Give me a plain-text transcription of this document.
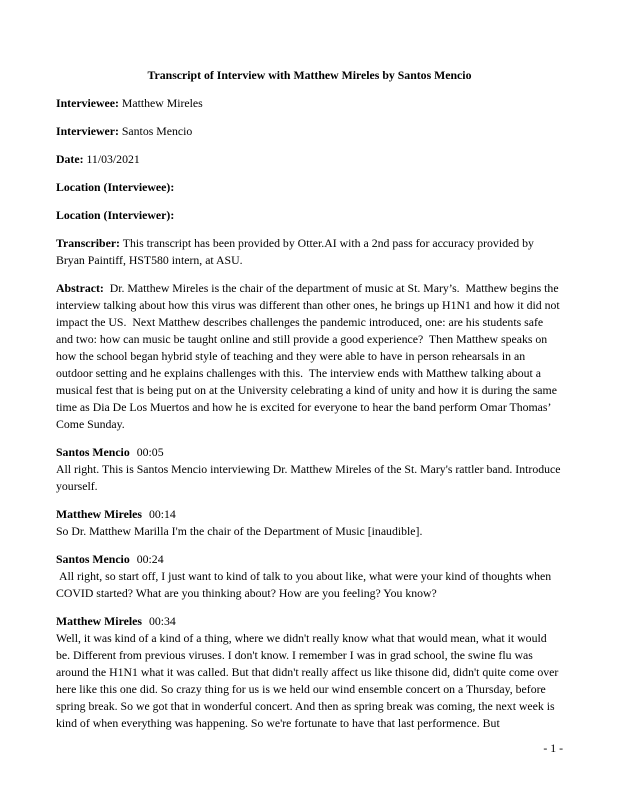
Transcript of Interview with Matthew Mireles by Santos Mencio

Interviewee: Matthew Mireles

Interviewer: Santos Mencio

Date: 11/03/2021

Location (Interviewee):

Location (Interviewer):

Transcriber: This transcript has been provided by Otter.AI with a 2nd pass for accuracy provided by Bryan Paintiff, HST580 intern, at ASU.

Abstract:  Dr. Matthew Mireles is the chair of the department of music at St. Mary’s.  Matthew begins the interview talking about how this virus was different than other ones, he brings up H1N1 and how it did not impact the US.  Next Matthew describes challenges the pandemic introduced, one: are his students safe and two: how can music be taught online and still provide a good experience?  Then Matthew speaks on how the school began hybrid style of teaching and they were able to have in person rehearsals in an outdoor setting and he explains challenges with this.  The interview ends with Matthew talking about a musical fest that is being put on at the University celebrating a kind of unity and how it is during the same time as Dia De Los Muertos and how he is excited for everyone to hear the band perform Omar Thomas’ Come Sunday.

Santos Mencio 00:05

All right. This is Santos Mencio interviewing Dr. Matthew Mireles of the St. Mary's rattler band. Introduce yourself.

Matthew Mireles 00:14

So Dr. Matthew Marilla I'm the chair of the Department of Music [inaudible].

Santos Mencio 00:24

All right, so start off, I just want to kind of talk to you about like, what were your kind of thoughts when COVID started? What are you thinking about? How are you feeling? You know?

Matthew Mireles 00:34

Well, it was kind of a kind of a thing, where we didn't really know what that would mean, what it would be. Different from previous viruses. I don't know. I remember I was in grad school, the swine flu was around the H1N1 what it was called. But that didn't really affect us like thisone did, didn't quite come over here like this one did. So crazy thing for us is we held our wind ensemble concert on a Thursday, before spring break. So we got that in wonderful concert. And then as spring break was coming, the next week is kind of when everything was happening. So we're fortunate to have that last performence. But

- 1 -
